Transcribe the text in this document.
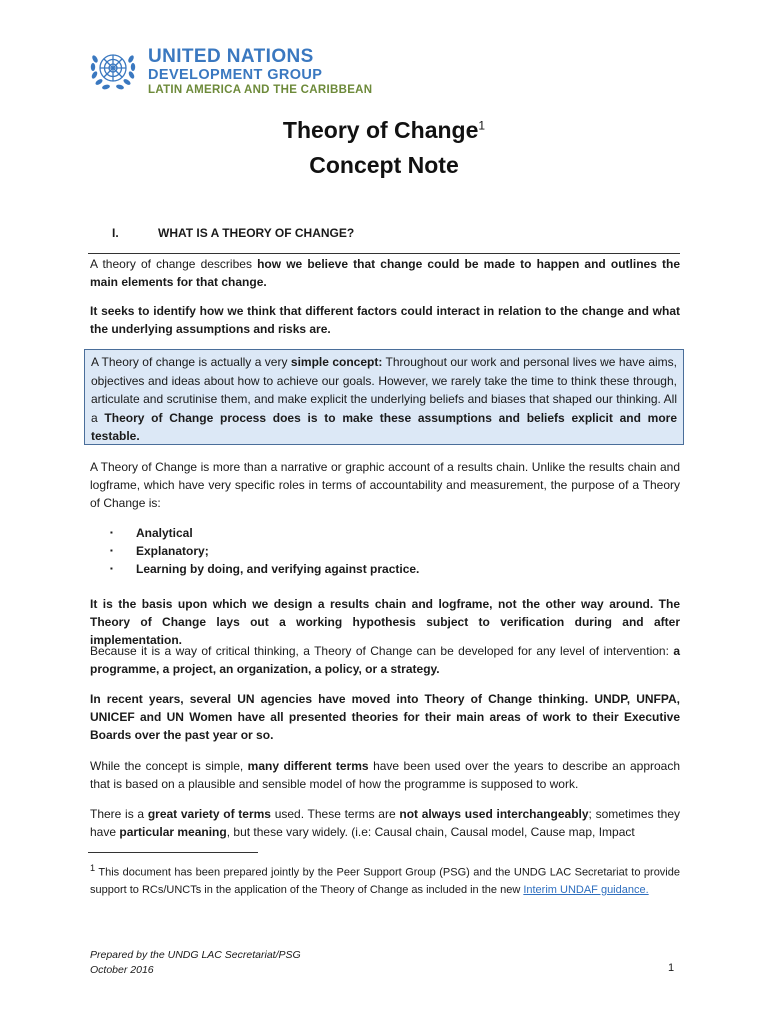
UNITED NATIONS
DEVELOPMENT GROUP
LATIN AMERICA AND THE CARIBBEAN
Theory of Change$^1$
Concept Note
I.	WHAT IS A THEORY OF CHANGE?
A theory of change describes how we believe that change could be made to happen and outlines the main elements for that change.
It seeks to identify how we think that different factors could interact in relation to the change and what the underlying assumptions and risks are.
A Theory of change is actually a very simple concept: Throughout our work and personal lives we have aims, objectives and ideas about how to achieve our goals. However, we rarely take the time to think these through, articulate and scrutinise them, and make explicit the underlying beliefs and biases that shaped our thinking. All a Theory of Change process does is to make these assumptions and beliefs explicit and more testable.
A Theory of Change is more than a narrative or graphic account of a results chain. Unlike the results chain and logframe, which have very specific roles in terms of accountability and measurement, the purpose of a Theory of Change is:
▪ Analytical
▪ Explanatory;
▪ Learning by doing, and verifying against practice.
It is the basis upon which we design a results chain and logframe, not the other way around. The Theory of Change lays out a working hypothesis subject to verification during and after implementation.
Because it is a way of critical thinking, a Theory of Change can be developed for any level of intervention: a programme, a project, an organization, a policy, or a strategy.
In recent years, several UN agencies have moved into Theory of Change thinking. UNDP, UNFPA, UNICEF and UN Women have all presented theories for their main areas of work to their Executive Boards over the past year or so.
While the concept is simple, many different terms have been used over the years to describe an approach that is based on a plausible and sensible model of how the programme is supposed to work.
There is a great variety of terms used. These terms are not always used interchangeably; sometimes they have particular meaning, but these vary widely. (i.e: Causal chain, Causal model, Cause map, Impact
$^1$ This document has been prepared jointly by the Peer Support Group (PSG) and the UNDG LAC Secretariat to provide support to RCs/UNCTs in the application of the Theory of Change as included in the new Interim UNDAF guidance.
Prepared by the UNDG LAC Secretariat/PSG
October 2016	1
